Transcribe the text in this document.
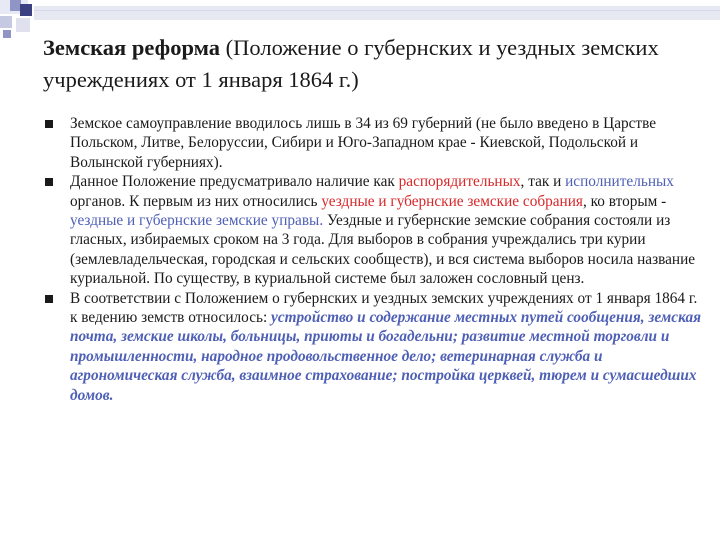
Земская реформа (Положение о губернских и уездных земских учреждениях от 1 января 1864 г.)
Земское самоуправление вводилось лишь в 34 из 69 губерний (не было введено в Царстве Польском, Литве, Белоруссии, Сибири и Юго-Западном крае - Киевской, Подольской и Волынской губерниях).
Данное Положение предусматривало наличие как распорядительных, так и исполнительных органов. К первым из них относились уездные и губернские земские собрания, ко вторым - уездные и губернские земские управы. Уездные и губернские земские собрания состояли из гласных, избираемых сроком на 3 года. Для выборов в собрания учреждались три курии (землевладельческая, городская и сельских сообществ), и вся система выборов носила название куриальной. По существу, в куриальной системе был заложен сословный ценз.
В соответствии с Положением о губернских и уездных земских учреждениях от 1 января 1864 г. к ведению земств относилось: устройство и содержание местных путей сообщения, земская почта, земские школы, больницы, приюты и богадельни; развитие местной торговли и промышленности, народное продовольственное дело; ветеринарная служба и агрономическая служба, взаимное страхование; постройка церквей, тюрем и сумасшедших домов.
